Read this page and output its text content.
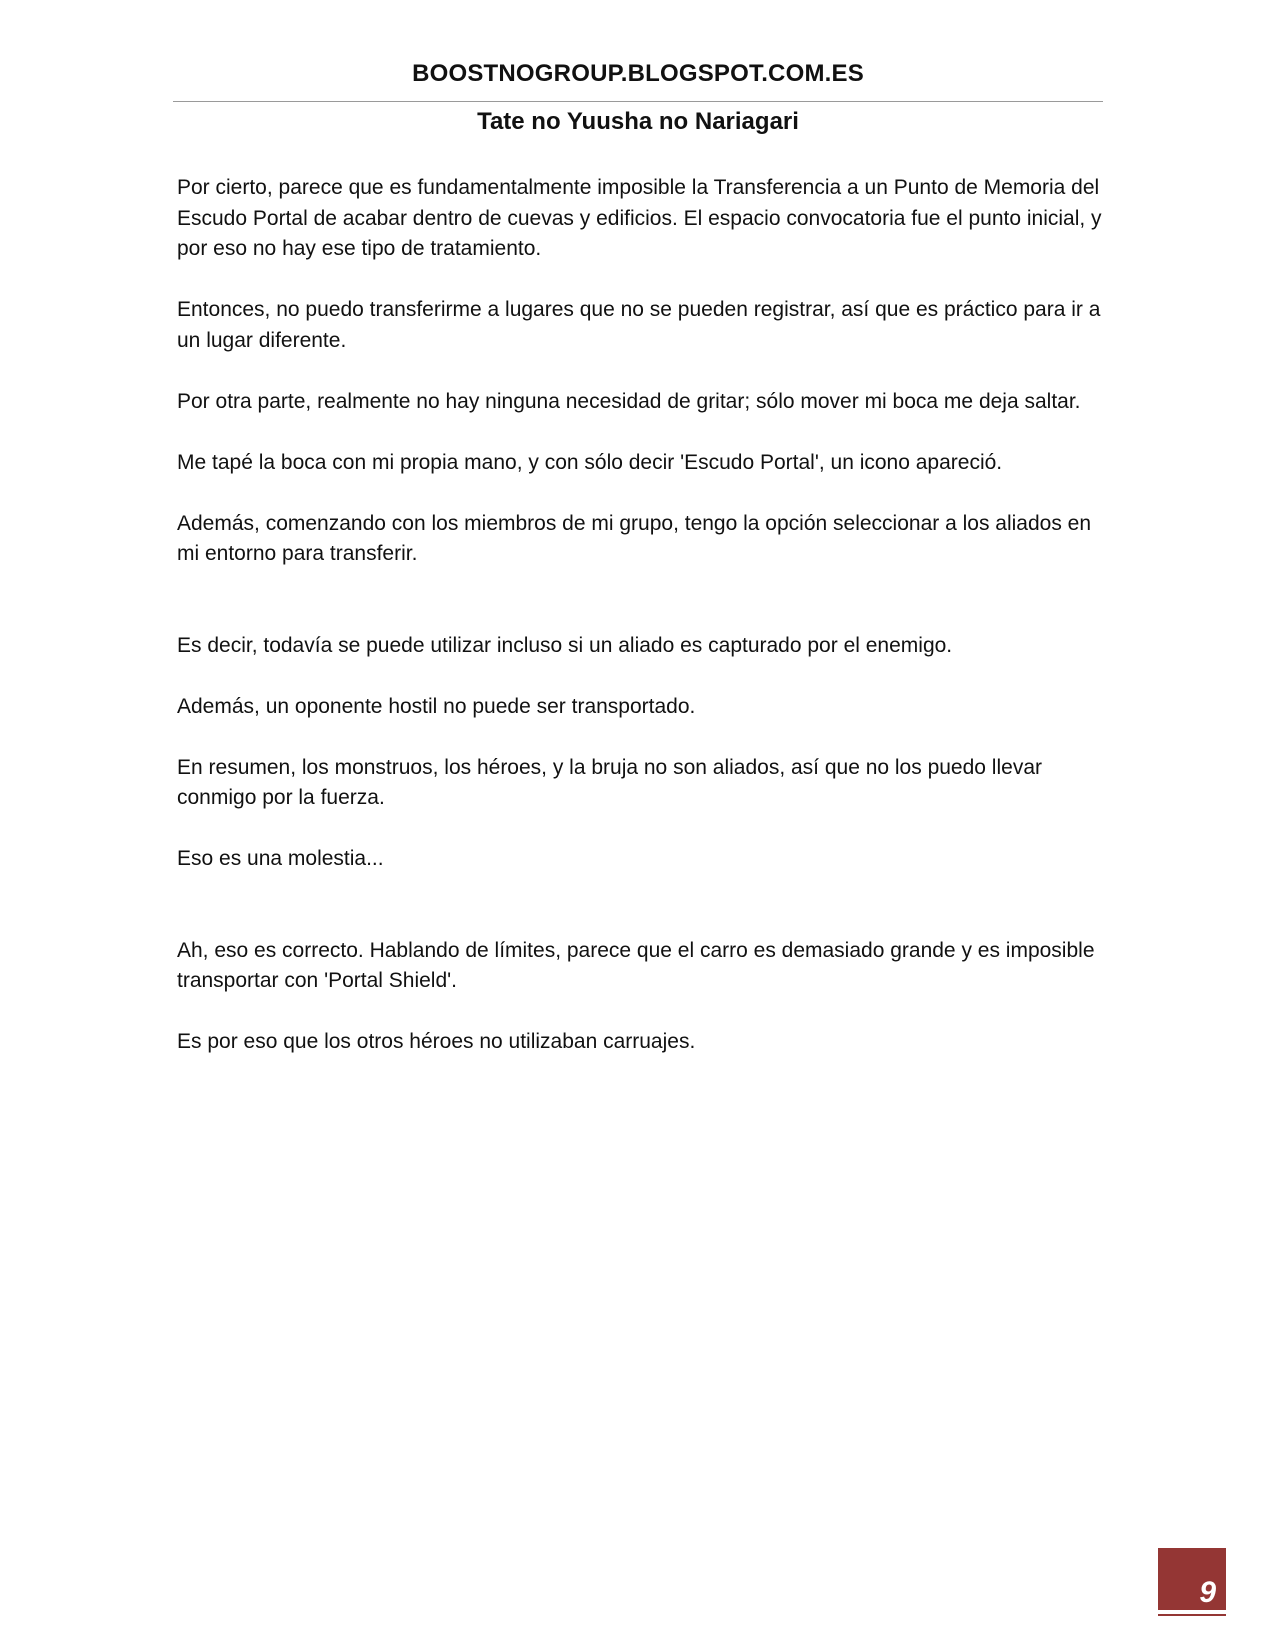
BOOSTNOGROUP.BLOGSPOT.COM.ES
Tate no Yuusha no Nariagari

Por cierto, parece que es fundamentalmente imposible la Transferencia a un Punto de Memoria del Escudo Portal de acabar dentro de cuevas y edificios. El espacio convocatoria fue el punto inicial, y por eso no hay ese tipo de tratamiento.

Entonces, no puedo transferirme a lugares que no se pueden registrar, así que es práctico para ir a un lugar diferente.

Por otra parte, realmente no hay ninguna necesidad de gritar; sólo mover mi boca me deja saltar.

Me tapé la boca con mi propia mano, y con sólo decir 'Escudo Portal', un icono apareció.

Además, comenzando con los miembros de mi grupo, tengo la opción seleccionar a los aliados en mi entorno para transferir.

Es decir, todavía se puede utilizar incluso si un aliado es capturado por el enemigo.

Además, un oponente hostil no puede ser transportado.

En resumen, los monstruos, los héroes, y la bruja no son aliados, así que no los puedo llevar conmigo por la fuerza.

Eso es una molestia...

Ah, eso es correcto. Hablando de límites, parece que el carro es demasiado grande y es imposible transportar con 'Portal Shield'.

Es por eso que los otros héroes no utilizaban carruajes.

9
